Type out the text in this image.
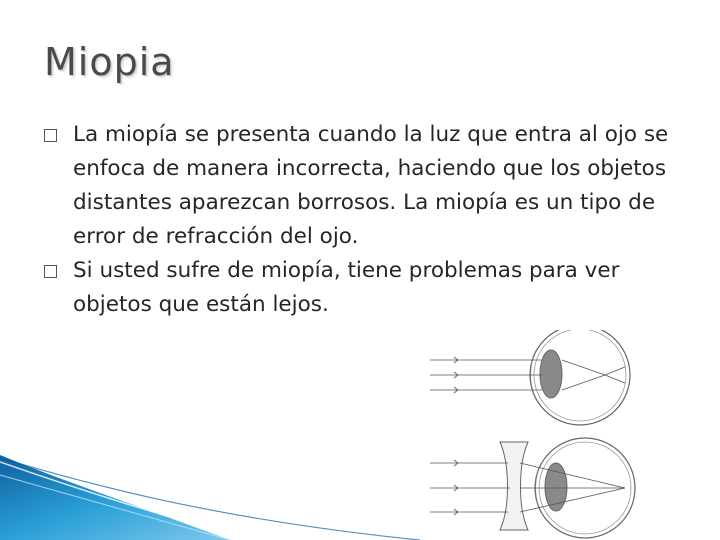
Miopia

La miopía se presenta cuando la luz que entra al ojo se enfoca de manera incorrecta, haciendo que los objetos distantes aparezcan borrosos. La miopía es un tipo de error de refracción del ojo.

Si usted sufre de miopía, tiene problemas para ver objetos que están lejos.
